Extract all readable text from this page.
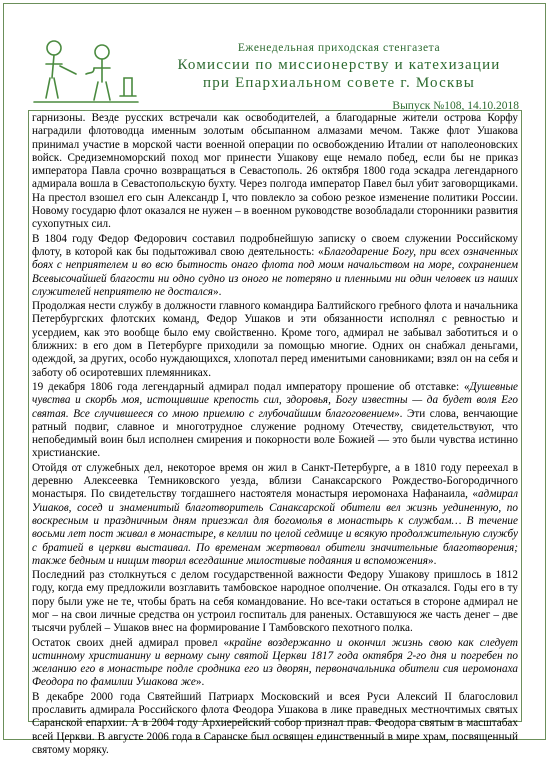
Еженедельная приходская стенгазета
Комиссии по миссионерству и катехизации
при Епархиальном совете г. Москвы
Выпуск №108, 14.10.2018

гарнизоны. Везде русских встречали как освободителей, а благодарные жители острова Корфу наградили флотоводца именным золотым обсыпанном алмазами мечом. Также флот Ушакова принимал участие в морской части военной операции по освобождению Италии от наполеоновских войск. Средиземноморский поход мог принести Ушакову еще немало побед, если бы не приказ императора Павла срочно возвращаться в Севастополь. 26 октября 1800 года эскадра легендарного адмирала вошла в Севастопольскую бухту. Через полгода император Павел был убит заговорщиками. На престол взошел его сын Александр I, что повлекло за собою резкое изменение политики России. Новому государю флот оказался не нужен – в военном руководстве возобладали сторонники развития сухопутных сил.

В 1804 году Федор Федорович составил подробнейшую записку о своем служении Российскому флоту, в которой как бы подытоживал свою деятельность: «Благодарение Богу, при всех означенных боях с неприятелем и во всю бытность онаго флота под моим начальством на море, сохранением Всевысочайшей благости ни одно судно из оного не потеряно и пленными ни один человек из наших служителей неприятелю не достался».

Продолжая нести службу в должности главного командира Балтийского гребного флота и начальника Петербургских флотских команд, Федор Ушаков и эти обязанности исполнял с ревностью и усердием, как это вообще было ему свойственно. Кроме того, адмирал не забывал заботиться и о ближних: в его дом в Петербурге приходили за помощью многие. Одних он снабжал деньгами, одеждой, за других, особо нуждающихся, хлопотал перед именитыми сановниками; взял он на себя и заботу об осиротевших племянниках.

19 декабря 1806 года легендарный адмирал подал императору прошение об отставке: «Душевные чувства и скорбь моя, истощившие крепость сил, здоровья, Богу известны — да будет воля Его святая. Все случившееся со мною приемлю с глубочайшим благоговением». Эти слова, венчающие ратный подвиг, славное и многотрудное служение родному Отечеству, свидетельствуют, что непобедимый воин был исполнен смирения и покорности воле Божией — это были чувства истинно христианские.

Отойдя от служебных дел, некоторое время он жил в Санкт-Петербурге, а в 1810 году переехал в деревню Алексеевка Темниковского уезда, вблизи Санаксарского Рождество-Богородичного монастыря. По свидетельству тогдашнего настоятеля монастыря иеромонаха Нафанаила, «адмирал Ушаков, сосед и знаменитый благотворитель Санаксарской обители вел жизнь уединенную, по воскресным и праздничным дням приезжал для богомолья в монастырь к службам… В течение восьми лет пост живал в монастыре, в келлии по целой седмице и всякую продолжительную службу с братией в церкви выстаивал. По временам жертвовал обители значительные благотворения; также бедным и нищим творил всегдашние милостивые подаяния и вспоможения».

Последний раз столкнуться с делом государственной важности Федору Ушакову пришлось в 1812 году, когда ему предложили возглавить тамбовское народное ополчение. Он отказался. Годы его в ту пору были уже не те, чтобы брать на себя командование. Но все-таки остаться в стороне адмирал не мог – на свои личные средства он устроил госпиталь для раненых. Оставшуюся же часть денег – две тысячи рублей – Ушаков внес на формирование I Тамбовского пехотного полка.

Остаток своих дней адмирал провел «крайне воздержанно и окончил жизнь свою как следует истинному христианину и верному сыну святой Церкви 1817 года октября 2-го дня и погребен по желанию его в монастыре подле сродника его из дворян, первоначальника обители сия иеромонаха Феодора по фамилии Ушакова же».

В декабре 2000 года Святейший Патриарх Московский и всея Руси Алексий II благословил прославить адмирала Российского флота Феодора Ушакова в лике праведных местночтимых святых Саранской епархии. А в 2004 году Архиерейский собор признал прав. Феодора святым в масштабах всей Церкви. В августе 2006 года в Саранске был освящен единственный в мире храм, посвященный святому моряку.
